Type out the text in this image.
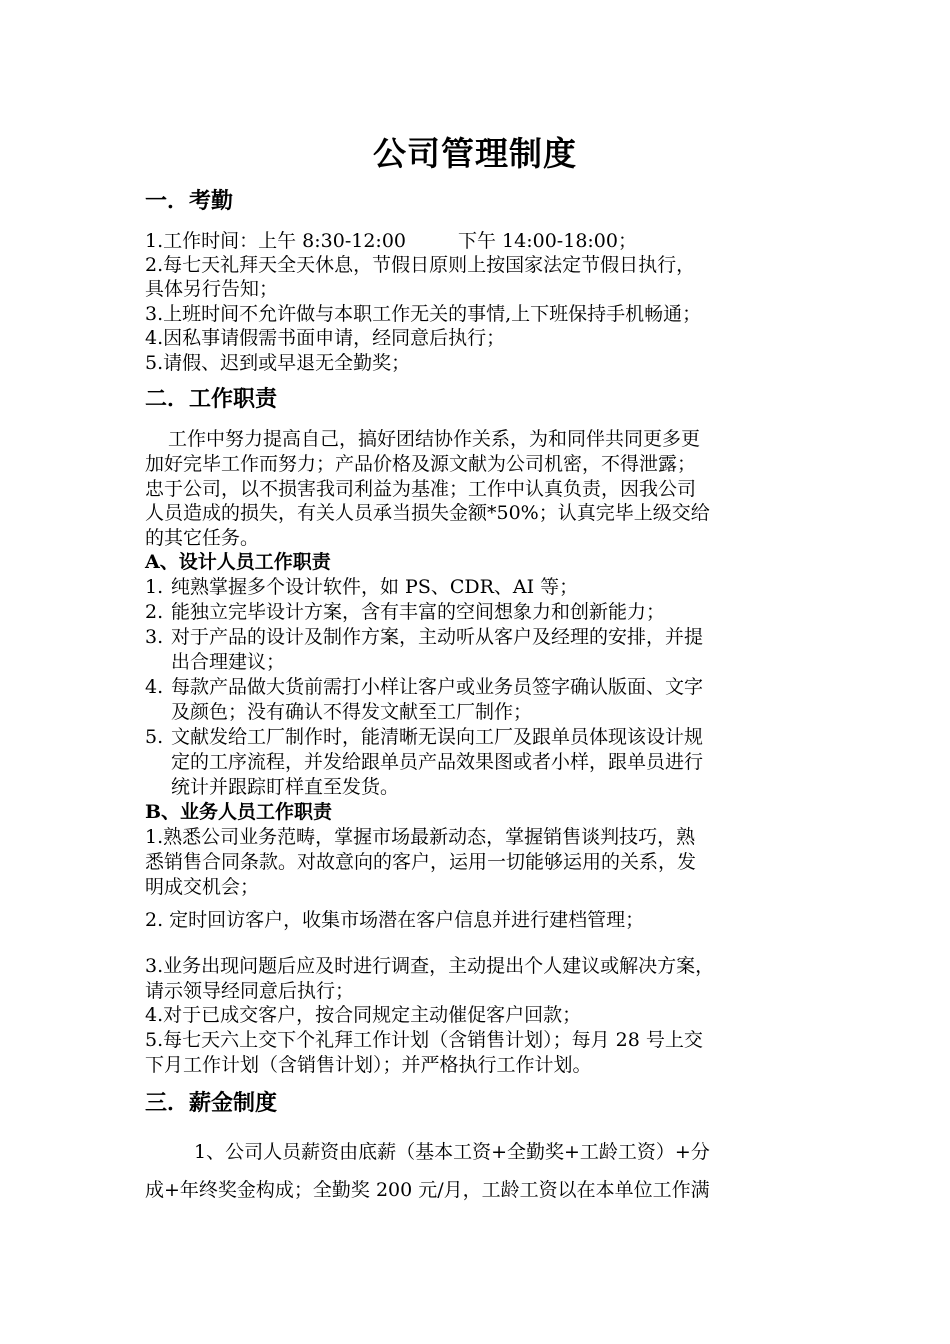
公司管理制度
一．考勤
1.工作时间：上午 8:30-12:00	下午 14:00-18:00；
2.每七天礼拜天全天休息，节假日原则上按国家法定节假日执行，
具体另行告知；
3.上班时间不允许做与本职工作无关的事情,上下班保持手机畅通；
4.因私事请假需书面申请，经同意后执行；
5.请假、迟到或早退无全勤奖；
二．工作职责
工作中努力提高自己，搞好团结协作关系，为和同伴共同更多更
加好完毕工作而努力；产品价格及源文献为公司机密，不得泄露；
忠于公司，以不损害我司利益为基准；工作中认真负责，因我公司
人员造成的损失，有关人员承当损失金额*50%；认真完毕上级交给
的其它任务。
A、设计人员工作职责
1. 纯熟掌握多个设计软件，如 PS、CDR、AI 等；
2. 能独立完毕设计方案，含有丰富的空间想象力和创新能力；
3. 对于产品的设计及制作方案，主动听从客户及经理的安排，并提
出合理建议；
4. 每款产品做大货前需打小样让客户或业务员签字确认版面、文字
及颜色；没有确认不得发文献至工厂制作；
5. 文献发给工厂制作时，能清晰无误向工厂及跟单员体现该设计规
定的工序流程，并发给跟单员产品效果图或者小样，跟单员进行
统计并跟踪盯样直至发货。
B、业务人员工作职责
1.熟悉公司业务范畴，掌握市场最新动态，掌握销售谈判技巧，熟
悉销售合同条款。对故意向的客户，运用一切能够运用的关系，发
明成交机会；
2. 定时回访客户，收集市场潜在客户信息并进行建档管理；
3.业务出现问题后应及时进行调查，主动提出个人建议或解决方案，
请示领导经同意后执行；
4.对于已成交客户，按合同规定主动催促客户回款；
5.每七天六上交下个礼拜工作计划（含销售计划）；每月 28 号上交
下月工作计划（含销售计划）；并严格执行工作计划。
三．薪金制度
1、公司人员薪资由底薪（基本工资+全勤奖+工龄工资）+分
成+年终奖金构成；全勤奖 200 元/月，工龄工资以在本单位工作满
